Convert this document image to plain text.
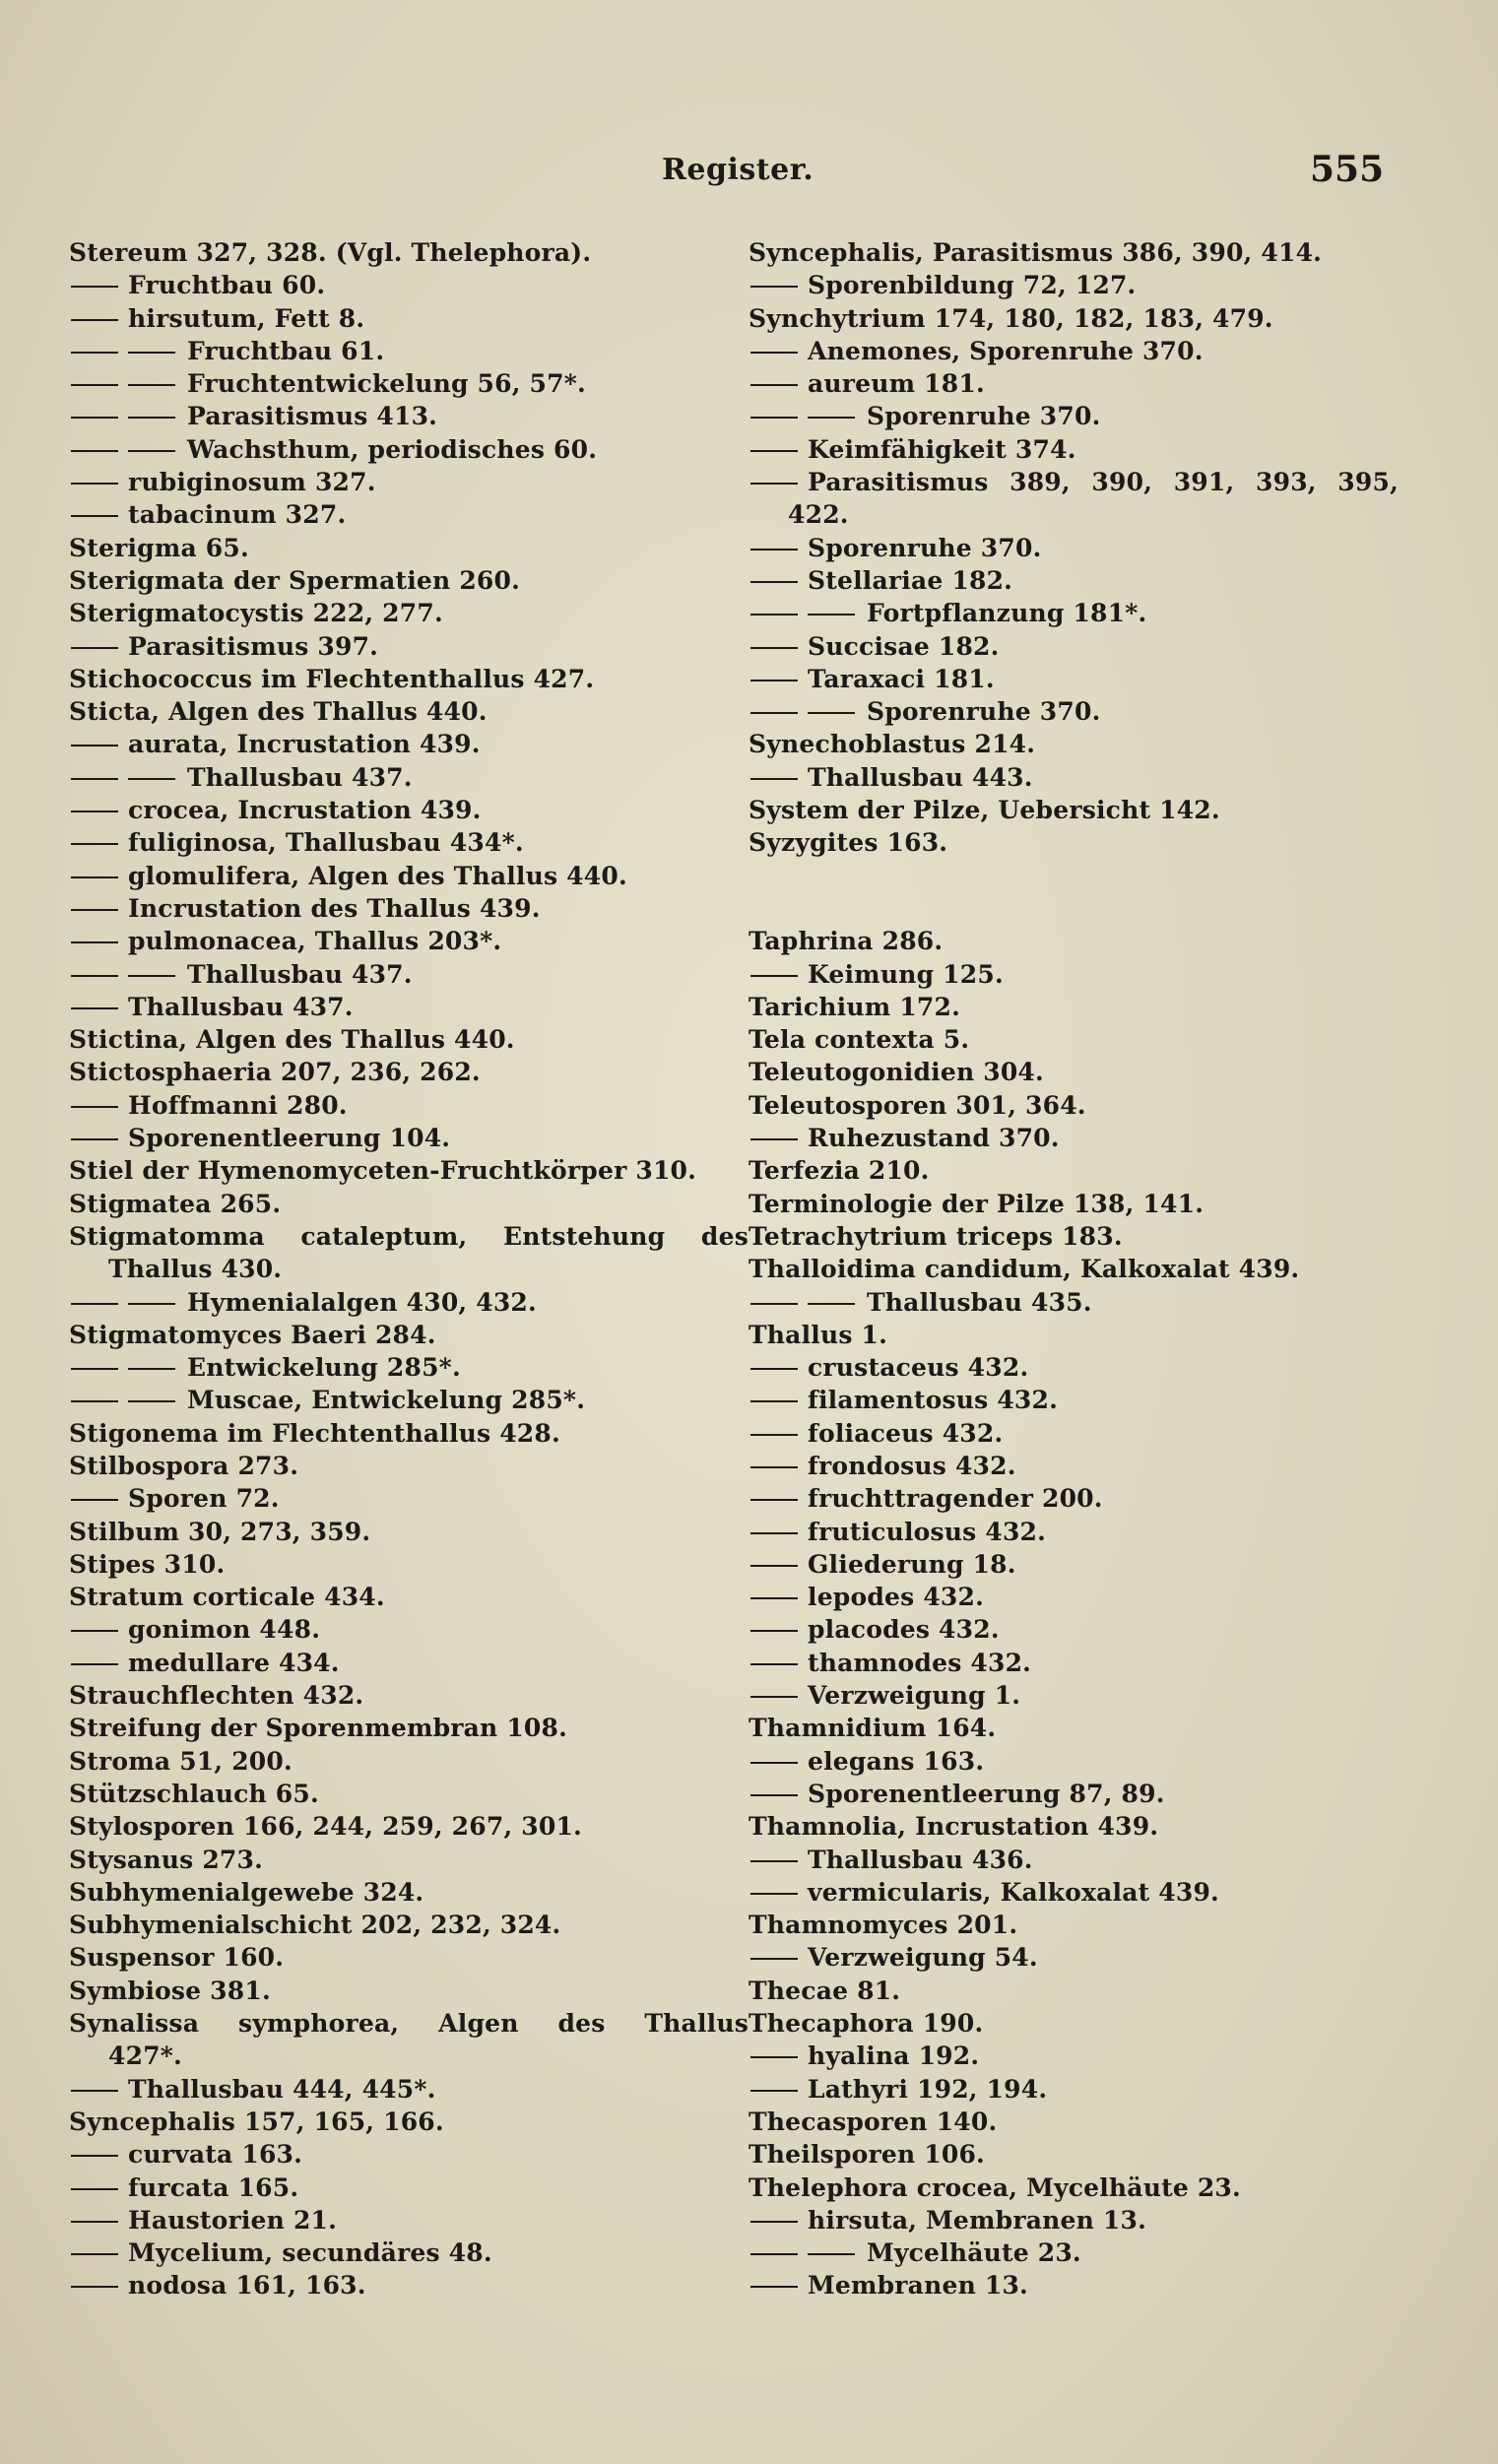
Register.	555
Stereum 327, 328. (Vgl. Thelephora).
Fruchtbau 60.
hirsutum, Fett 8.
Fruchtbau 61.
Fruchtentwickelung 56, 57*.
Parasitismus 413.
Wachsthum, periodisches 60.
rubiginosum 327.
tabacinum 327.
Sterigma 65.
Sterigmata der Spermatien 260.
Sterigmatocystis 222, 277.
Parasitismus 397.
Stichococcus im Flechtenthallus 427.
Sticta, Algen des Thallus 440.
aurata, Incrustation 439.
Thallusbau 437.
crocea, Incrustation 439.
fuliginosa, Thallusbau 434*.
glomulifera, Algen des Thallus 440.
Incrustation des Thallus 439.
pulmonacea, Thallus 203*.
Thallusbau 437.
Thallusbau 437.
Stictina, Algen des Thallus 440.
Stictosphaeria 207, 236, 262.
Hoffmanni 280.
Sporenentleerung 104.
Stiel der Hymenomyceten-Fruchtkörper 310.
Stigmatea 265.
Stigmatomma cataleptum, Entstehung des
Thallus 430.
Hymenialalgen 430, 432.
Stigmatomyces Baeri 284.
Entwickelung 285*.
Muscae, Entwickelung 285*.
Stigonema im Flechtenthallus 428.
Stilbospora 273.
Sporen 72.
Stilbum 30, 273, 359.
Stipes 310.
Stratum corticale 434.
gonimon 448.
medullare 434.
Strauchflechten 432.
Streifung der Sporenmembran 108.
Stroma 51, 200.
Stützschlauch 65.
Stylosporen 166, 244, 259, 267, 301.
Stysanus 273.
Subhymenialgewebe 324.
Subhymenialschicht 202, 232, 324.
Suspensor 160.
Symbiose 381.
Synalissa symphorea, Algen des Thallus
427*.
Thallusbau 444, 445*.
Syncephalis 157, 165, 166.
curvata 163.
furcata 165.
Haustorien 21.
Mycelium, secundäres 48.
nodosa 161, 163.
Syncephalis, Parasitismus 386, 390, 414.
Sporenbildung 72, 127.
Synchytrium 174, 180, 182, 183, 479.
Anemones, Sporenruhe 370.
aureum 181.
Sporenruhe 370.
Keimfähigkeit 374.
Parasitismus 389, 390, 391, 393, 395,
422.
Sporenruhe 370.
Stellariae 182.
Fortpflanzung 181*.
Succisae 182.
Taraxaci 181.
Sporenruhe 370.
Synechoblastus 214.
Thallusbau 443.
System der Pilze, Uebersicht 142.
Syzygites 163.
Taphrina 286.
Keimung 125.
Tarichium 172.
Tela contexta 5.
Teleutogonidien 304.
Teleutosporen 301, 364.
Ruhezustand 370.
Terfezia 210.
Terminologie der Pilze 138, 141.
Tetrachytrium triceps 183.
Thalloidima candidum, Kalkoxalat 439.
Thallusbau 435.
Thallus 1.
crustaceus 432.
filamentosus 432.
foliaceus 432.
frondosus 432.
fruchttragender 200.
fruticulosus 432.
Gliederung 18.
lepodes 432.
placodes 432.
thamnodes 432.
Verzweigung 1.
Thamnidium 164.
elegans 163.
Sporenentleerung 87, 89.
Thamnolia, Incrustation 439.
Thallusbau 436.
vermicularis, Kalkoxalat 439.
Thamnomyces 201.
Verzweigung 54.
Thecae 81.
Thecaphora 190.
hyalina 192.
Lathyri 192, 194.
Thecasporen 140.
Theilsporen 106.
Thelephora crocea, Mycelhäute 23.
hirsuta, Membranen 13.
Mycelhäute 23.
Membranen 13.
